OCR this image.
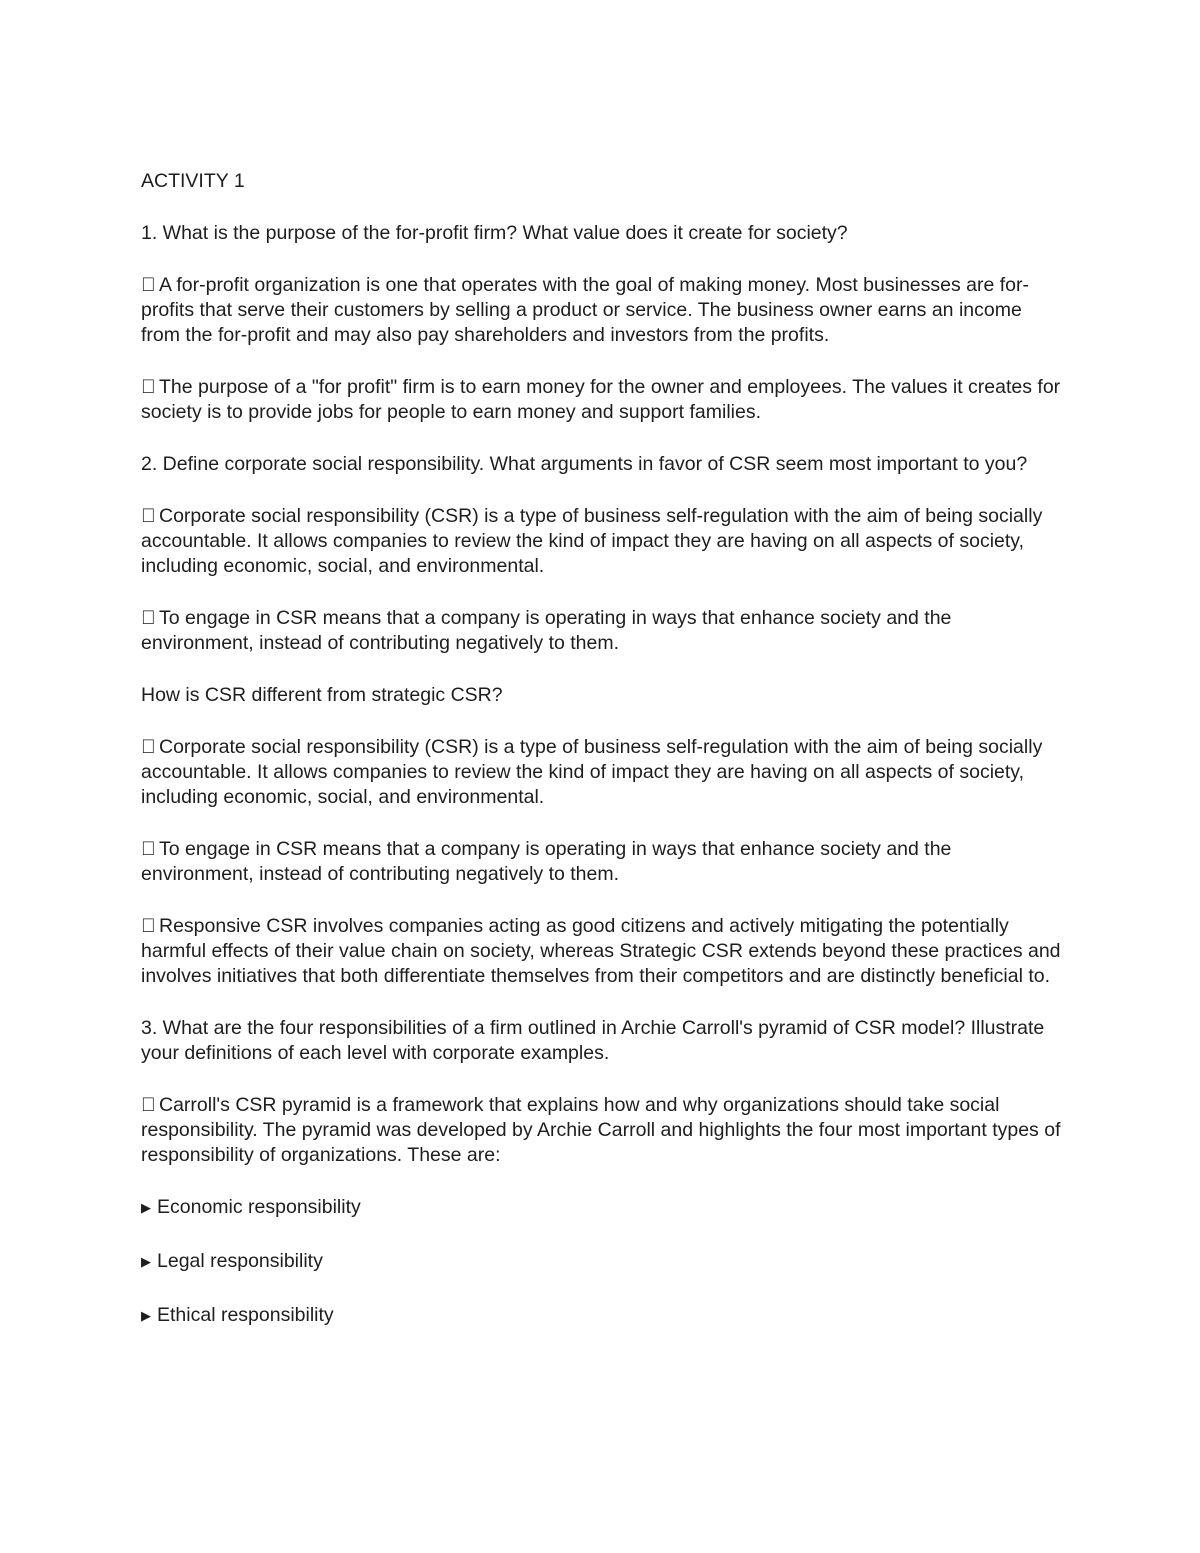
ACTIVITY 1
1. What is the purpose of the for-profit firm? What value does it create for society?
A for-profit organization is one that operates with the goal of making money. Most businesses are for-profits that serve their customers by selling a product or service. The business owner earns an income from the for-profit and may also pay shareholders and investors from the profits.
The purpose of a "for profit" firm is to earn money for the owner and employees. The values it creates for society is to provide jobs for people to earn money and support families.
2. Define corporate social responsibility. What arguments in favor of CSR seem most important to you?
Corporate social responsibility (CSR) is a type of business self-regulation with the aim of being socially accountable. It allows companies to review the kind of impact they are having on all aspects of society, including economic, social, and environmental.
To engage in CSR means that a company is operating in ways that enhance society and the environment, instead of contributing negatively to them.
How is CSR different from strategic CSR?
Corporate social responsibility (CSR) is a type of business self-regulation with the aim of being socially accountable. It allows companies to review the kind of impact they are having on all aspects of society, including economic, social, and environmental.
To engage in CSR means that a company is operating in ways that enhance society and the environment, instead of contributing negatively to them.
Responsive CSR involves companies acting as good citizens and actively mitigating the potentially harmful effects of their value chain on society, whereas Strategic CSR extends beyond these practices and involves initiatives that both differentiate themselves from their competitors and are distinctly beneficial to.
3. What are the four responsibilities of a firm outlined in Archie Carroll's pyramid of CSR model? Illustrate your definitions of each level with corporate examples.
Carroll's CSR pyramid is a framework that explains how and why organizations should take social responsibility. The pyramid was developed by Archie Carroll and highlights the four most important types of responsibility of organizations. These are:
▶ Economic responsibility
▶ Legal responsibility
▶ Ethical responsibility
